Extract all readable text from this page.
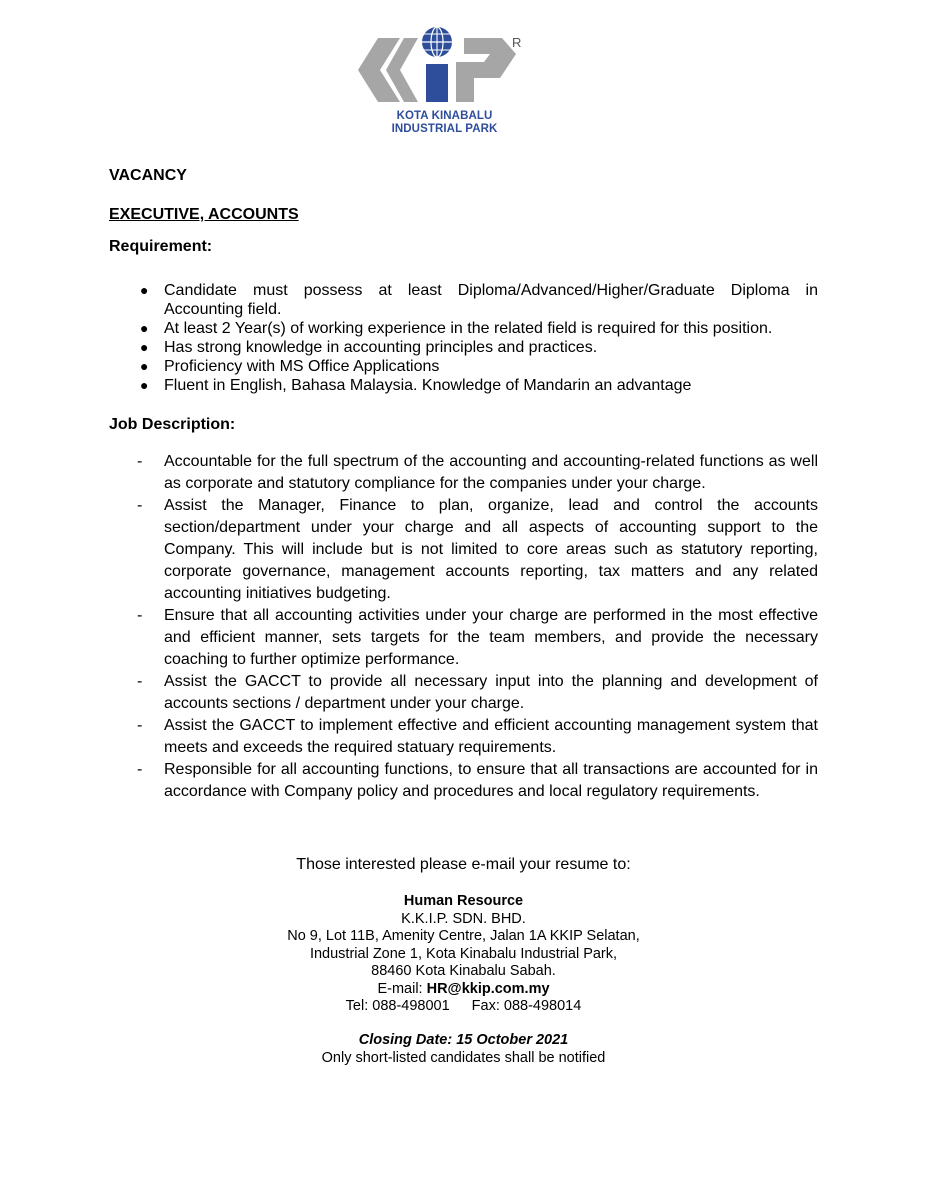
R
KOTA KINABALU
INDUSTRIAL PARK
VACANCY
EXECUTIVE, ACCOUNTS
Requirement:
● Candidate must possess at least Diploma/Advanced/Higher/Graduate Diploma in Accounting field.
● At least 2 Year(s) of working experience in the related field is required for this position.
● Has strong knowledge in accounting principles and practices.
● Proficiency with MS Office Applications
● Fluent in English, Bahasa Malaysia. Knowledge of Mandarin an advantage
Job Description:
- Accountable for the full spectrum of the accounting and accounting-related functions as well as corporate and statutory compliance for the companies under your charge.
- Assist the Manager, Finance to plan, organize, lead and control the accounts section/department under your charge and all aspects of accounting support to the Company. This will include but is not limited to core areas such as statutory reporting, corporate governance, management accounts reporting, tax matters and any related accounting initiatives budgeting.
- Ensure that all accounting activities under your charge are performed in the most effective and efficient manner, sets targets for the team members, and provide the necessary coaching to further optimize performance.
- Assist the GACCT to provide all necessary input into the planning and development of accounts sections / department under your charge.
- Assist the GACCT to implement effective and efficient accounting management system that meets and exceeds the required statuary requirements.
- Responsible for all accounting functions, to ensure that all transactions are accounted for in accordance with Company policy and procedures and local regulatory requirements.
Those interested please e-mail your resume to:
Human Resource
K.K.I.P. SDN. BHD.
No 9, Lot 11B, Amenity Centre, Jalan 1A KKIP Selatan,
Industrial Zone 1, Kota Kinabalu Industrial Park,
88460 Kota Kinabalu Sabah.
E-mail: HR@kkip.com.my
Tel: 088-498001 Fax: 088-498014
Closing Date: 15 October 2021
Only short-listed candidates shall be notified
